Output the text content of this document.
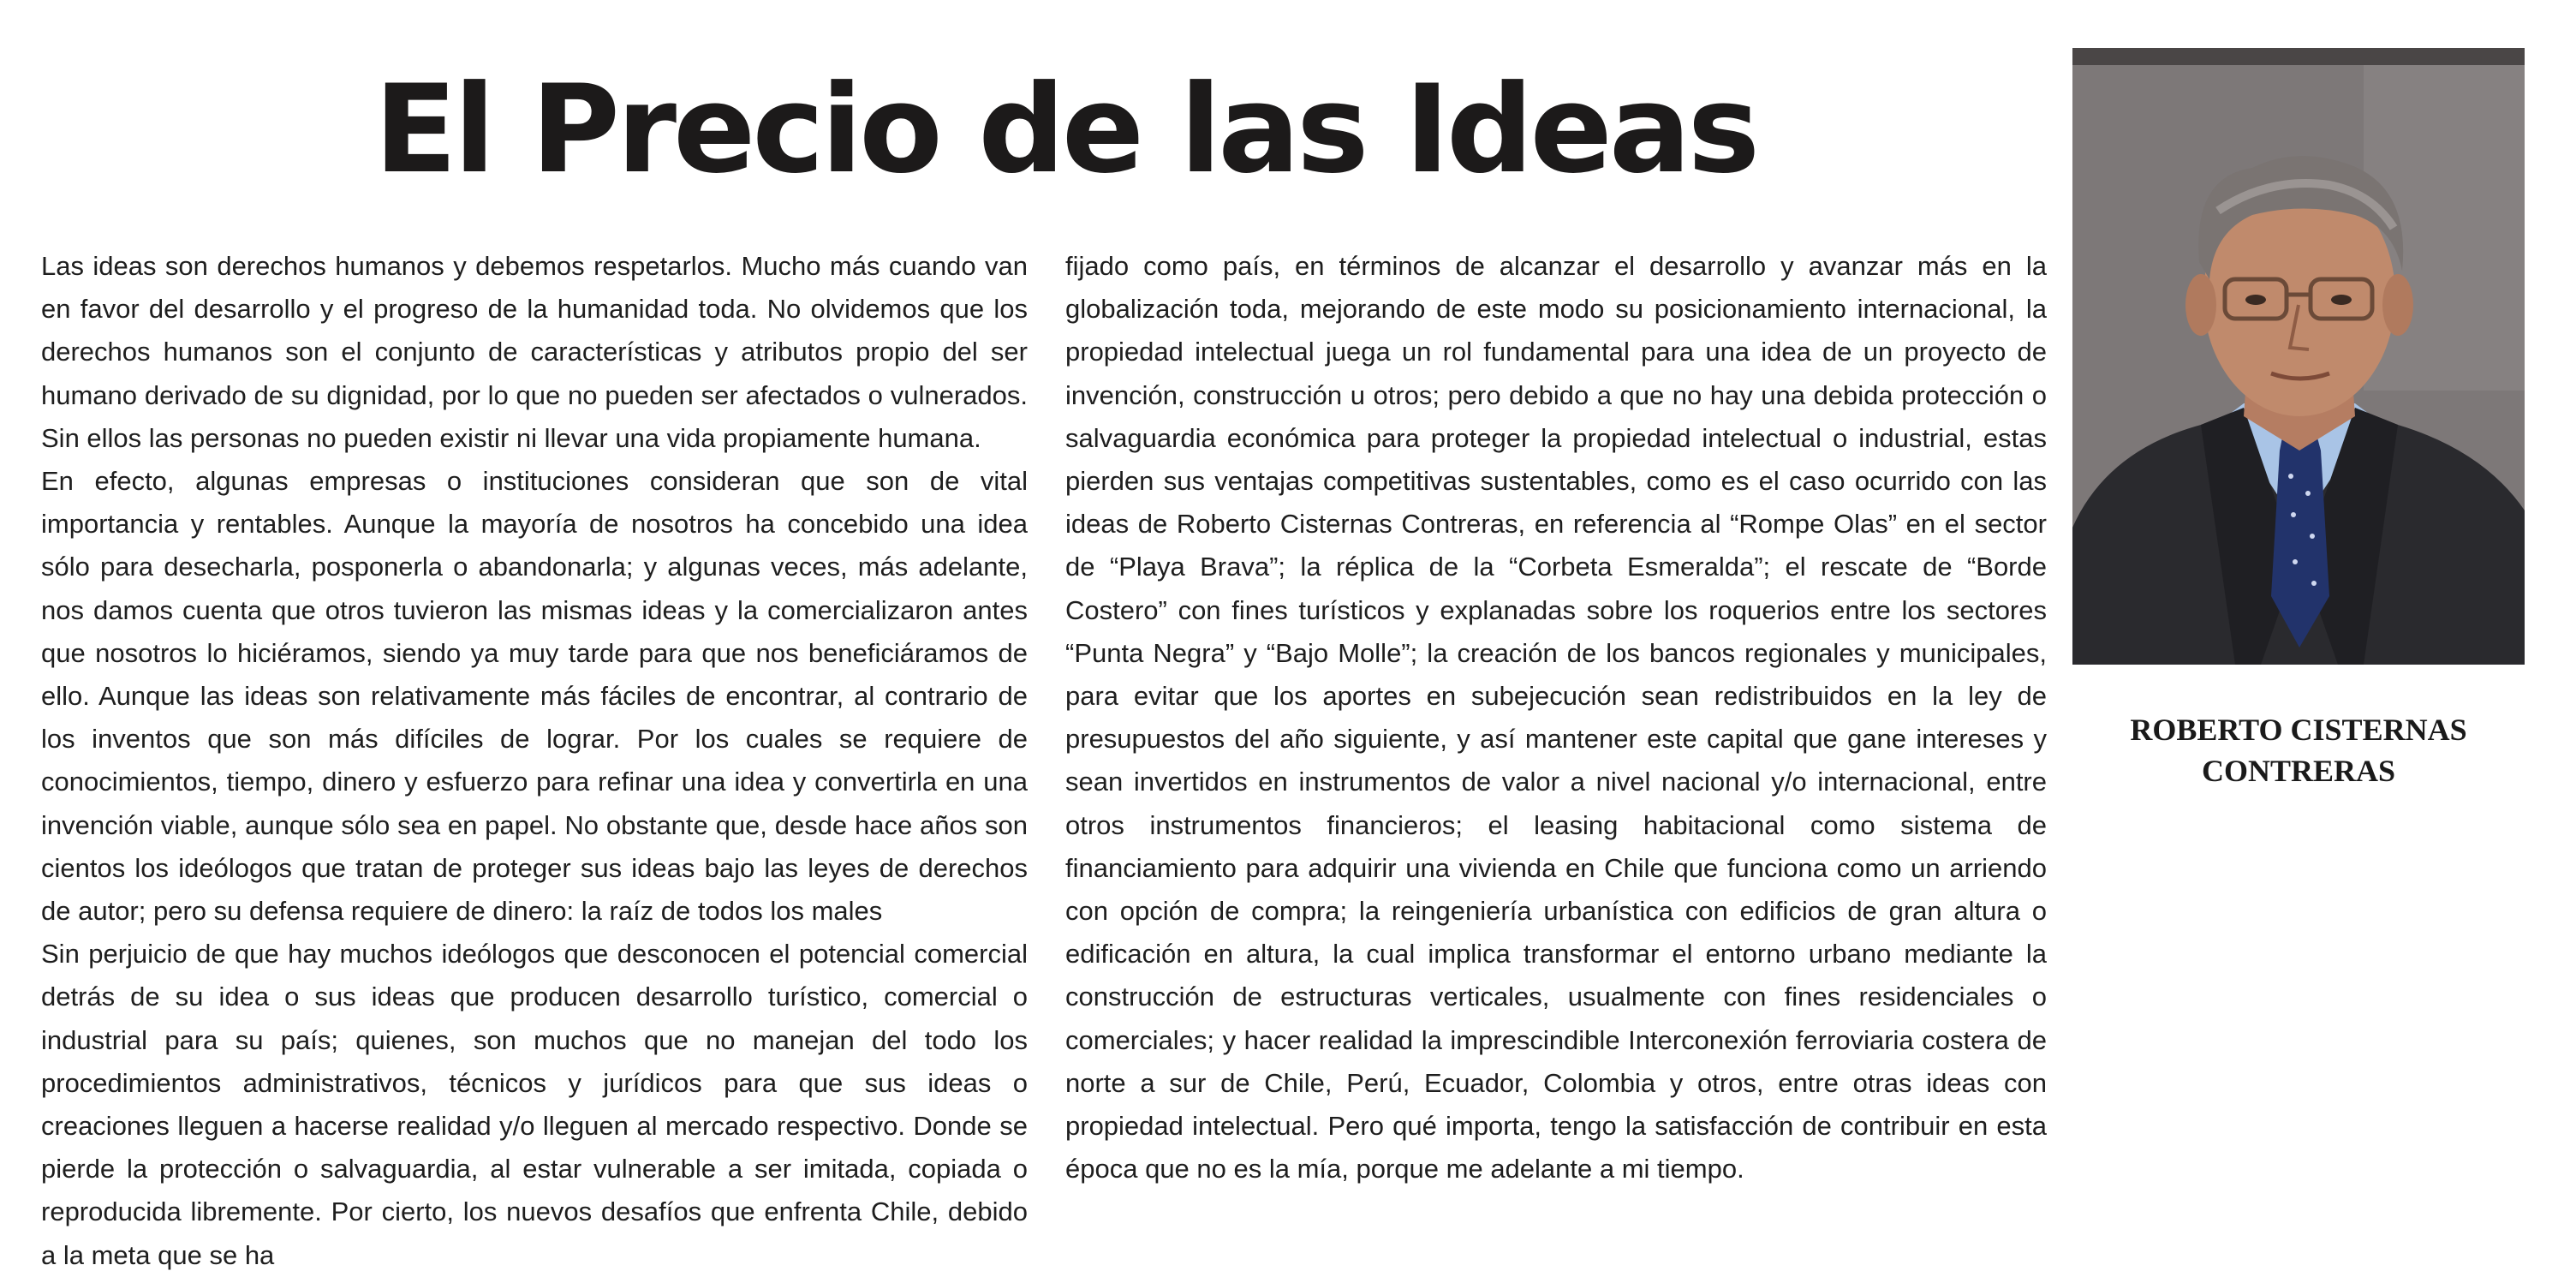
El Precio de las Ideas

Las ideas son derechos humanos y debemos respetarlos. Mucho más cuando van en favor del desarrollo y el progreso de la humanidad toda. No olvidemos que los derechos humanos son el conjunto de características y atributos propio del ser humano derivado de su dignidad, por lo que no pueden ser afectados o vulnerados. Sin ellos las personas no pueden existir ni llevar una vida propiamente humana.

En efecto, algunas empresas o instituciones consideran que son de vital importancia y rentables. Aunque la mayoría de nosotros ha concebido una idea sólo para desecharla, posponerla o abandonarla; y algunas veces, más adelante, nos damos cuenta que otros tuvieron las mismas ideas y la comercializaron antes que nosotros lo hiciéramos, siendo ya muy tarde para que nos beneficiáramos de ello. Aunque las ideas son relativamente más fáciles de encontrar, al contrario de los inventos que son más difíciles de lograr. Por los cuales se requiere de conocimientos, tiempo, dinero y esfuerzo para refinar una idea y convertirla en una invención viable, aunque sólo sea en papel. No obstante que, desde hace años son cientos los ideólogos que tratan de proteger sus ideas bajo las leyes de derechos de autor; pero su defensa requiere de dinero: la raíz de todos los males

Sin perjuicio de que hay muchos ideólogos que desconocen el potencial comercial detrás de su idea o sus ideas que producen desarrollo turístico, comercial o industrial para su país; quienes, son muchos que no manejan del todo los procedimientos administrativos, técnicos y jurídicos para que sus ideas o creaciones lleguen a hacerse realidad y/o lleguen al mercado respectivo. Donde se pierde la protección o salvaguardia, al estar vulnerable a ser imitada, copiada o reproducida libremente. Por cierto, los nuevos desafíos que enfrenta Chile, debido a la meta que se ha

fijado como país, en términos de alcanzar el desarrollo y avanzar más en la globalización toda, mejorando de este modo su posicionamiento internacional, la propiedad intelectual juega un rol fundamental para una idea de un proyecto de invención, construcción u otros; pero debido a que no hay una debida protección o salvaguardia económica para proteger la propiedad intelectual o industrial, estas pierden sus ventajas competitivas sustentables, como es el caso ocurrido con las ideas de Roberto Cisternas Contreras, en referencia al “Rompe Olas” en el sector de “Playa Brava”; la réplica de la “Corbeta Esmeralda”; el rescate de “Borde Costero” con fines turísticos y explanadas sobre los roquerios entre los sectores “Punta Negra” y “Bajo Molle”; la creación de los bancos regionales y municipales, para evitar que los aportes en subejecución sean redistribuidos en la ley de presupuestos del año siguiente, y así mantener este capital que gane intereses y sean invertidos en instrumentos de valor a nivel nacional y/o internacional, entre otros instrumentos financieros; el leasing habitacional como sistema de financiamiento para adquirir una vivienda en Chile que funciona como un arriendo con opción de compra; la reingeniería urbanística con edificios de gran altura o edificación en altura, la cual implica transformar el entorno urbano mediante la construcción de estructuras verticales, usualmente con fines residenciales o comerciales; y hacer realidad la imprescindible Interconexión ferroviaria costera de norte a sur de Chile, Perú, Ecuador, Colombia y otros, entre otras ideas con propiedad intelectual. Pero qué importa, tengo la satisfacción de contribuir en esta época que no es la mía, porque me adelante a mi tiempo.

ROBERTO CISTERNAS
CONTRERAS
